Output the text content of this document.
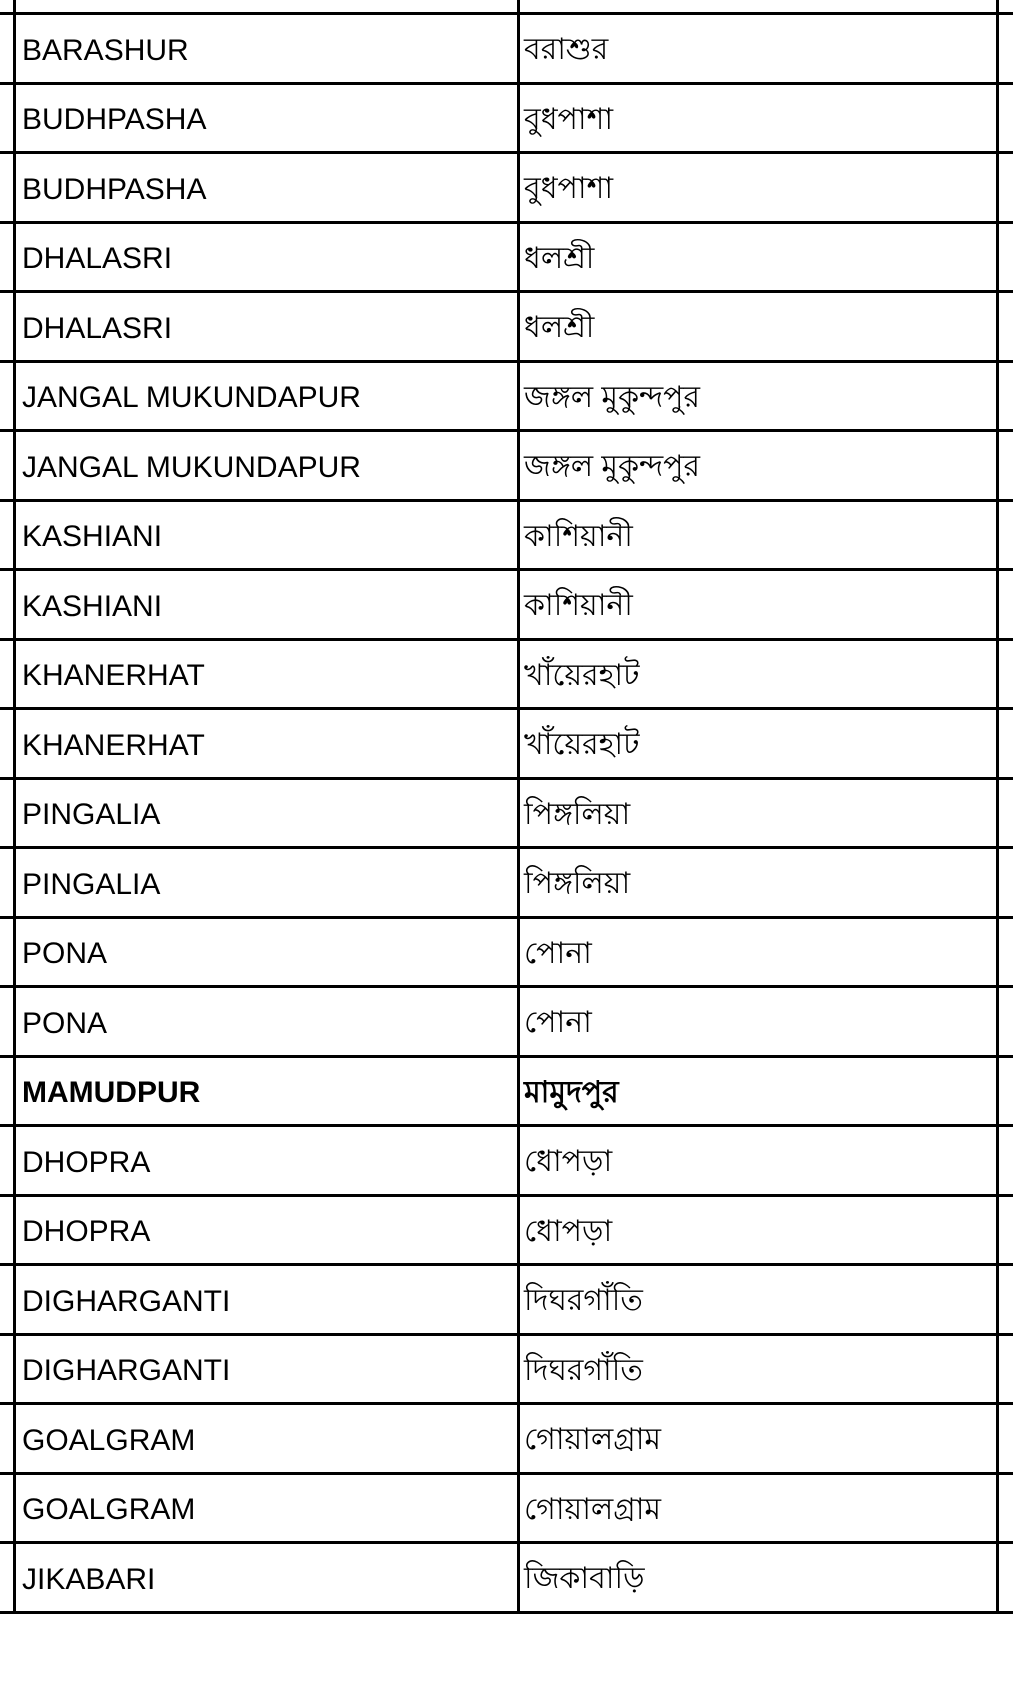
BARASHUR	বরাশুর
BUDHPASHA	বুধপাশা
BUDHPASHA	বুধপাশা
DHALASRI	ধলশ্রী
DHALASRI	ধলশ্রী
JANGAL MUKUNDAPUR	জঙ্গল মুকুন্দপুর
JANGAL MUKUNDAPUR	জঙ্গল মুকুন্দপুর
KASHIANI	কাশিয়ানী
KASHIANI	কাশিয়ানী
KHANERHAT	খাঁয়েরহাট
KHANERHAT	খাঁয়েরহাট
PINGALIA	পিঙ্গলিয়া
PINGALIA	পিঙ্গলিয়া
PONA	পোনা
PONA	পোনা
MAMUDPUR	মামুদপুর
DHOPRA	ধোপড়া
DHOPRA	ধোপড়া
DIGHARGANTI	দিঘরগাঁতি
DIGHARGANTI	দিঘরগাঁতি
GOALGRAM	গোয়ালগ্রাম
GOALGRAM	গোয়ালগ্রাম
JIKABARI	জিকাবাড়ি
